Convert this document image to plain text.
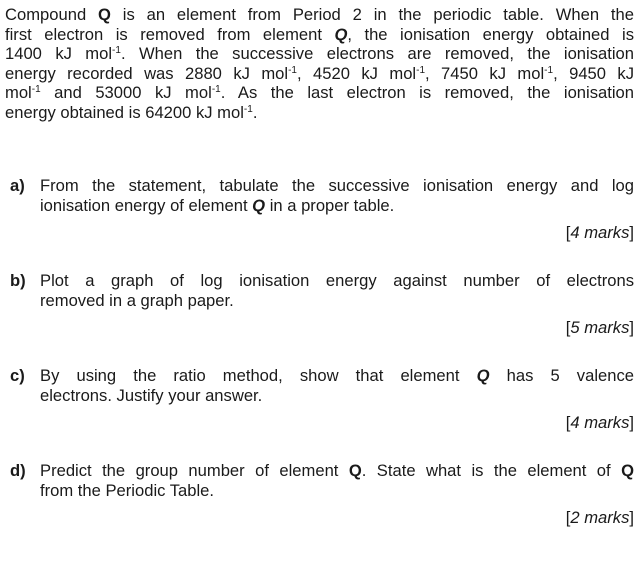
Compound Q is an element from Period 2 in the periodic table. When the
first electron is removed from element Q, the ionisation energy obtained is
1400 kJ mol$^{-1}$. When the successive electrons are removed, the ionisation
energy recorded was 2880 kJ mol$^{-1}$, 4520 kJ mol$^{-1}$, 7450 kJ mol$^{-1}$, 9450 kJ
mol$^{-1}$ and 53000 kJ mol$^{-1}$. As the last electron is removed, the ionisation
energy obtained is 64200 kJ mol$^{-1}$.
a) From the statement, tabulate the successive ionisation energy and log
ionisation energy of element Q in a proper table.
[4 marks]
b) Plot a graph of log ionisation energy against number of electrons
removed in a graph paper.
[5 marks]
c) By using the ratio method, show that element Q has 5 valence
electrons. Justify your answer.
[4 marks]
d) Predict the group number of element Q. State what is the element of Q
from the Periodic Table.
[2 marks]
